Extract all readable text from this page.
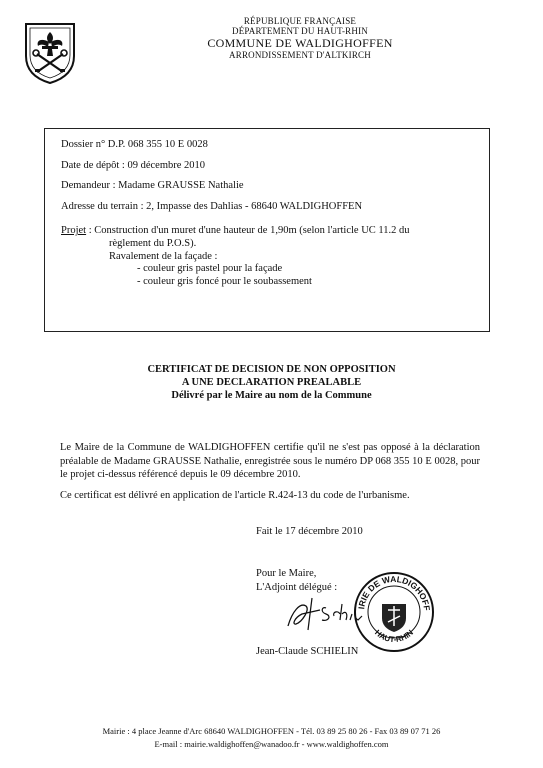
RÉPUBLIQUE FRANÇAISE
DÉPARTEMENT DU HAUT-RHIN
COMMUNE DE WALDIGHOFFEN
ARRONDISSEMENT D'ALTKIRCH
Dossier n° D.P. 068 355 10 E 0028
Date de dépôt : 09 décembre 2010
Demandeur : Madame GRAUSSE Nathalie
Adresse du terrain : 2, Impasse des Dahlias - 68640 WALDIGHOFFEN
Projet : Construction d'un muret d'une hauteur de 1,90m (selon l'article UC 11.2 du
règlement du P.O.S).
Ravalement de la façade :
- couleur gris pastel pour la façade
- couleur gris foncé pour le soubassement
CERTIFICAT DE DECISION DE NON OPPOSITION
A UNE DECLARATION PREALABLE
Délivré par le Maire au nom de la Commune
Le Maire de la Commune de WALDIGHOFFEN certifie qu'il ne s'est pas opposé à la déclaration préalable de Madame GRAUSSE Nathalie, enregistrée sous le numéro DP 068 355 10 E 0028, pour le projet ci-dessus référencé depuis le 09 décembre 2010.
Ce certificat est délivré en application de l'article R.424-13 du code de l'urbanisme.
Fait le 17 décembre 2010
Pour le Maire,
L'Adjoint délégué :
IRIE DE WALDIGHOFF
HAUT-RHIN
Jean-Claude SCHIELIN
Mairie : 4 place Jeanne d'Arc 68640 WALDIGHOFFEN - Tél. 03 89 25 80 26 - Fax 03 89 07 71 26
E-mail : mairie.waldighoffen@wanadoo.fr - www.waldighoffen.com
